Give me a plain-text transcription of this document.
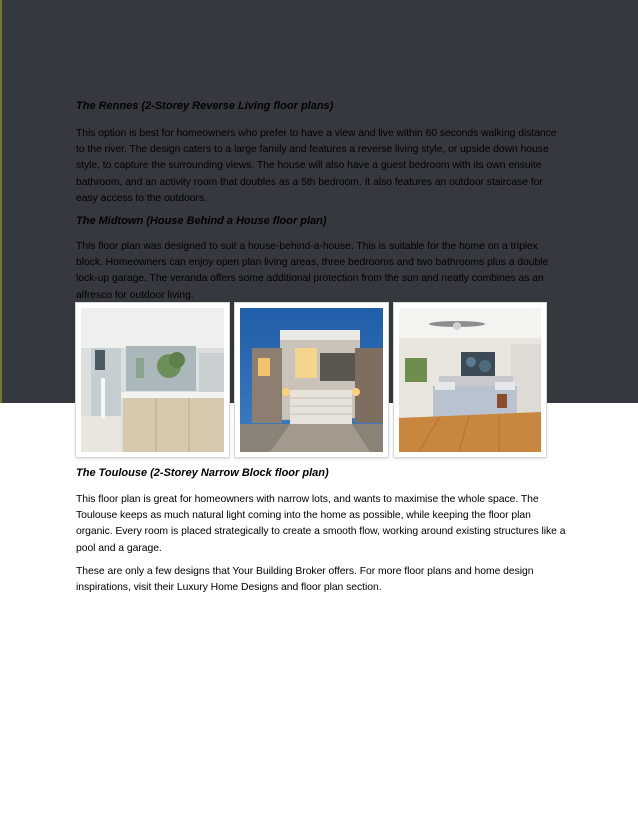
The Rennes (2-Storey Reverse Living floor plans)

This option is best for homeowners who prefer to have a view and live within 60 seconds walking distance to the river. The design caters to a large family and features a reverse living style, or upside down house style, to capture the surrounding views. The house will also have a guest bedroom with its own ensuite bathroom, and an activity room that doubles as a 5th bedroom. It also features an outdoor staircase for easy access to the outdoors.

The Midtown (House Behind a House floor plan)

This floor plan was designed to suit a house-behind-a-house. This is suitable for the home on a triplex block. Homeowners can enjoy open plan living areas, three bedrooms and two bathrooms plus a double lock-up garage. The veranda offers some additional protection from the sun and neatly combines as an alfresco for outdoor living.

The Toulouse (2-Storey Narrow Block floor plan)

This floor plan is great for homeowners with narrow lots, and wants to maximise the whole space. The Toulouse keeps as much natural light coming into the home as possible, while keeping the floor plan organic. Every room is placed strategically to create a smooth flow, working around existing structures like a pool and a garage.

These are only a few designs that Your Building Broker offers. For more floor plans and home design inspirations, visit their Luxury Home Designs and floor plan section.
